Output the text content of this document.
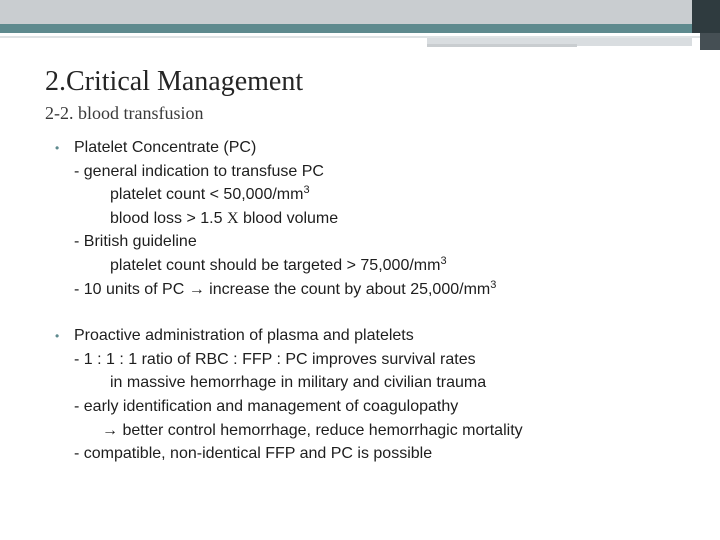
2.Critical Management
2-2. blood transfusion
• Platelet Concentrate (PC)
- general indication to transfuse PC
platelet count < $50,000/mm^3$
blood loss > 1.5 X blood volume
- British guideline
platelet count should be targeted > $75,000/mm^3$
- 10 units of PC → increase the count by about $25,000/mm^3$
• Proactive administration of plasma and platelets
- 1 : 1 : 1 ratio of RBC : FFP : PC improves survival rates
in massive hemorrhage in military and civilian trauma
- early identification and management of coagulopathy
→ better control hemorrhage, reduce hemorrhagic mortality
- compatible, non-identical FFP and PC is possible
